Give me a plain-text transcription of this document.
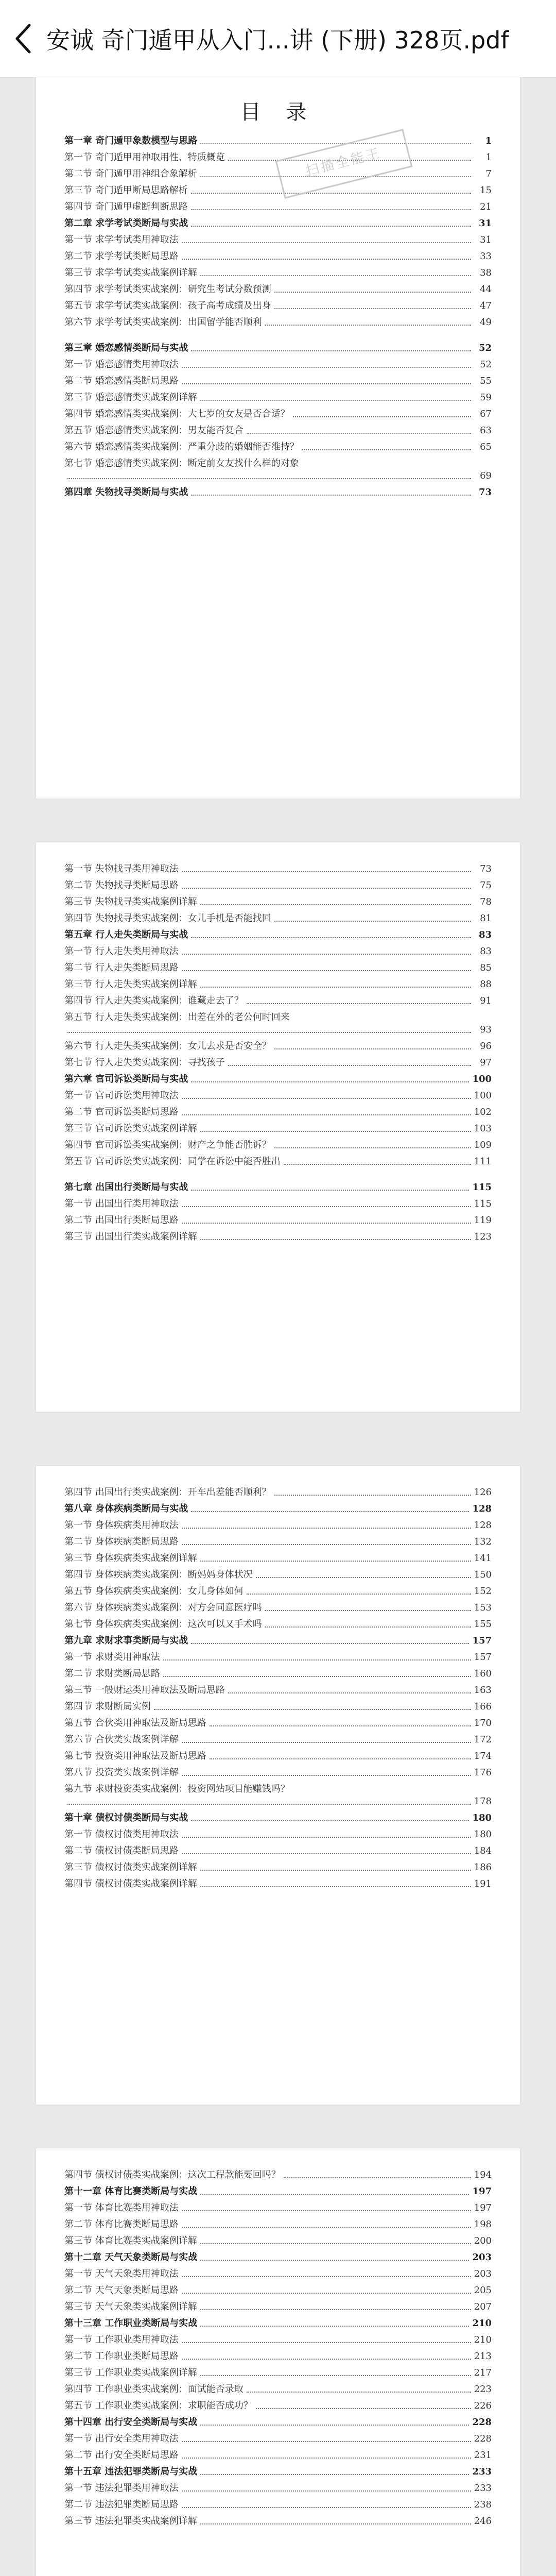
安诚 奇门遁甲从入门...讲 (下册) 328页.pdf
目 录
扫描全能王
第一章 奇门遁甲象数模型与思路	1
第一节 奇门遁甲用神取用性、特质概览	1
第二节 奇门遁甲用神组合象解析	7
第三节 奇门遁甲断局思路解析	15
第四节 奇门遁甲虚断判断思路	21
第二章 求学考试类断局与实战	31
第一节 求学考试类用神取法	31
第二节 求学考试类断局思路	33
第三节 求学考试类实战案例详解	38
第四节 求学考试类实战案例：研究生考试分数预测	44
第五节 求学考试类实战案例：孩子高考成绩及出身	47
第六节 求学考试类实战案例：出国留学能否顺利	49
第三章 婚恋感情类断局与实战	52
第一节 婚恋感情类用神取法	52
第二节 婚恋感情类断局思路	55
第三节 婚恋感情类实战案例详解	59
第四节 婚恋感情类实战案例：大七岁的女友是否合适？	67
第五节 婚恋感情类实战案例：男友能否复合	63
第六节 婚恋感情类实战案例：严重分歧的婚姻能否维持？	65
第七节 婚恋感情类实战案例：断定前女友找什么样的对象
69
第四章 失物找寻类断局与实战	73
第一节 失物找寻类用神取法	73
第二节 失物找寻类断局思路	75
第三节 失物找寻类实战案例详解	78
第四节 失物找寻类实战案例：女儿手机是否能找回	81
第五章 行人走失类断局与实战	83
第一节 行人走失类用神取法	83
第二节 行人走失类断局思路	85
第三节 行人走失类实战案例详解	88
第四节 行人走失类实战案例：谁藏走去了？	91
第五节 行人走失类实战案例：出差在外的老公何时回来
93
第六节 行人走失类实战案例：女儿去求是否安全？	96
第七节 行人走失类实战案例：寻找孩子	97
第六章 官司诉讼类断局与实战	100
第一节 官司诉讼类用神取法	100
第二节 官司诉讼类断局思路	102
第三节 官司诉讼类实战案例详解	103
第四节 官司诉讼类实战案例：财产之争能否胜诉？	109
第五节 官司诉讼类实战案例：同学在诉讼中能否胜出	111
第七章 出国出行类断局与实战	115
第一节 出国出行类用神取法	115
第二节 出国出行类断局思路	119
第三节 出国出行类实战案例详解	123
第四节 出国出行类实战案例：开车出差能否顺利？	126
第八章 身体疾病类断局与实战	128
第一节 身体疾病类用神取法	128
第二节 身体疾病类断局思路	132
第三节 身体疾病类实战案例详解	141
第四节 身体疾病类实战案例：断妈妈身体状况	150
第五节 身体疾病类实战案例：女儿身体如何	152
第六节 身体疾病类实战案例：对方会同意医疗吗	153
第七节 身体疾病类实战案例：这次可以又手术吗	155
第九章 求财求事类断局与实战	157
第一节 求财类用神取法	157
第二节 求财类断局思路	160
第三节 一般财运类用神取法及断局思路	163
第四节 求财断局实例	166
第五节 合伙类用神取法及断局思路	170
第六节 合伙类实战案例详解	172
第七节 投资类用神取法及断局思路	174
第八节 投资类实战案例详解	176
第九节 求财投资类实战案例：投资网站项目能赚钱吗？
178
第十章 债权讨债类断局与实战	180
第一节 债权讨债类用神取法	180
第二节 债权讨债类断局思路	184
第三节 债权讨债类实战案例详解	186
第四节 债权讨债类实战案例详解	191
第四节 债权讨债类实战案例：这次工程款能要回吗？	194
第十一章 体育比赛类断局与实战	197
第一节 体育比赛类用神取法	197
第二节 体育比赛类断局思路	198
第三节 体育比赛类实战案例详解	200
第十二章 天气天象类断局与实战	203
第一节 天气天象类用神取法	203
第二节 天气天象类断局思路	205
第三节 天气天象类实战案例详解	207
第十三章 工作职业类断局与实战	210
第一节 工作职业类用神取法	210
第二节 工作职业类断局思路	213
第三节 工作职业类实战案例详解	217
第四节 工作职业类实战案例：面试能否录取	223
第五节 工作职业类实战案例：求职能否成功？	226
第十四章 出行安全类断局与实战	228
第一节 出行安全类用神取法	228
第二节 出行安全类断局思路	231
第十五章 违法犯罪类断局与实战	233
第一节 违法犯罪类用神取法	233
第二节 违法犯罪类断局思路	238
第三节 违法犯罪类实战案例详解	246
